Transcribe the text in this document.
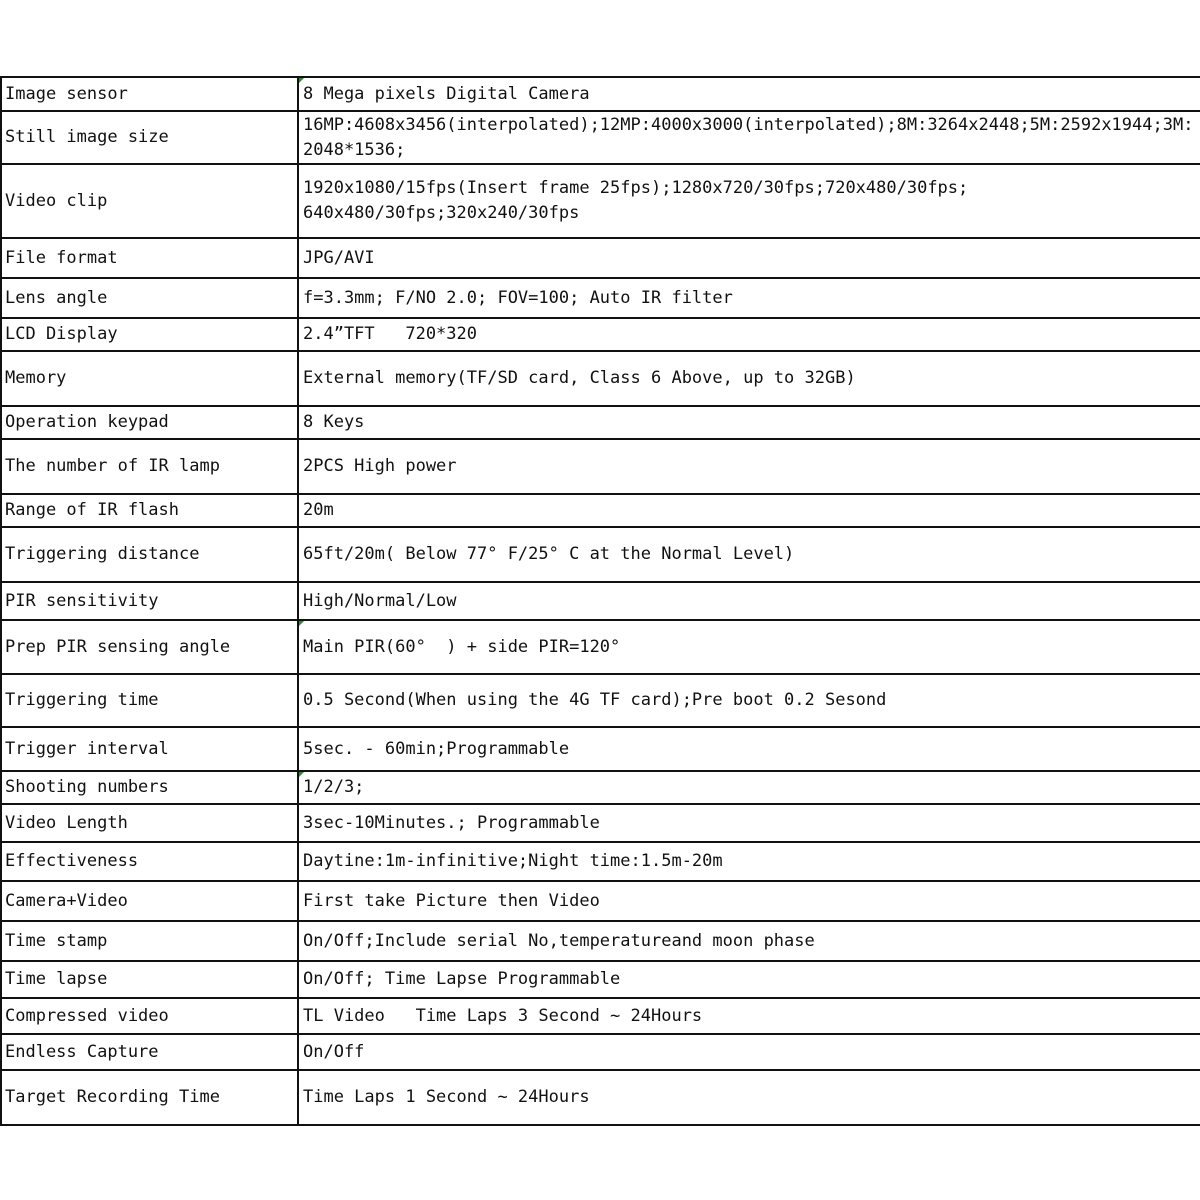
Image sensor	8 Mega pixels Digital Camera

Still image size	16MP:4608x3456(interpolated);12MP:4000x3000(interpolated);8M:3264x2448;5M:2592x1944;3M:2048*1536;
Video clip	1920x1080/15fps(Insert frame 25fps);1280x720/30fps;720x480/30fps;
640x480/30fps;320x240/30fps
File format	JPG/AVI
Lens angle	f=3.3mm; F/NO 2.0; FOV=100; Auto IR filter
LCD Display	2.4”TFT   720*320
Memory	External memory(TF/SD card, Class 6 Above, up to 32GB)
Operation keypad	8 Keys
The number of IR lamp	2PCS High power
Range of IR flash	20m
Triggering distance	65ft/20m( Below 77° F/25° C at the Normal Level)
PIR sensitivity	High/Normal/Low
Prep PIR sensing angle	Main PIR(60°  ) + side PIR=120°

Triggering time	0.5 Second(When using the 4G TF card);Pre boot 0.2 Sesond
Trigger interval	5sec. - 60min;Programmable
Shooting numbers	1/2/3;

Video Length	3sec-10Minutes.; Programmable
Effectiveness	Daytine:1m-infinitive;Night time:1.5m-20m
Camera+Video	First take Picture then Video
Time stamp	On/Off;Include serial No,temperatureand moon phase
Time lapse	On/Off; Time Lapse Programmable
Compressed video	TL Video   Time Laps 3 Second ~ 24Hours
Endless Capture	On/Off
Target Recording Time	Time Laps 1 Second ~ 24Hours
